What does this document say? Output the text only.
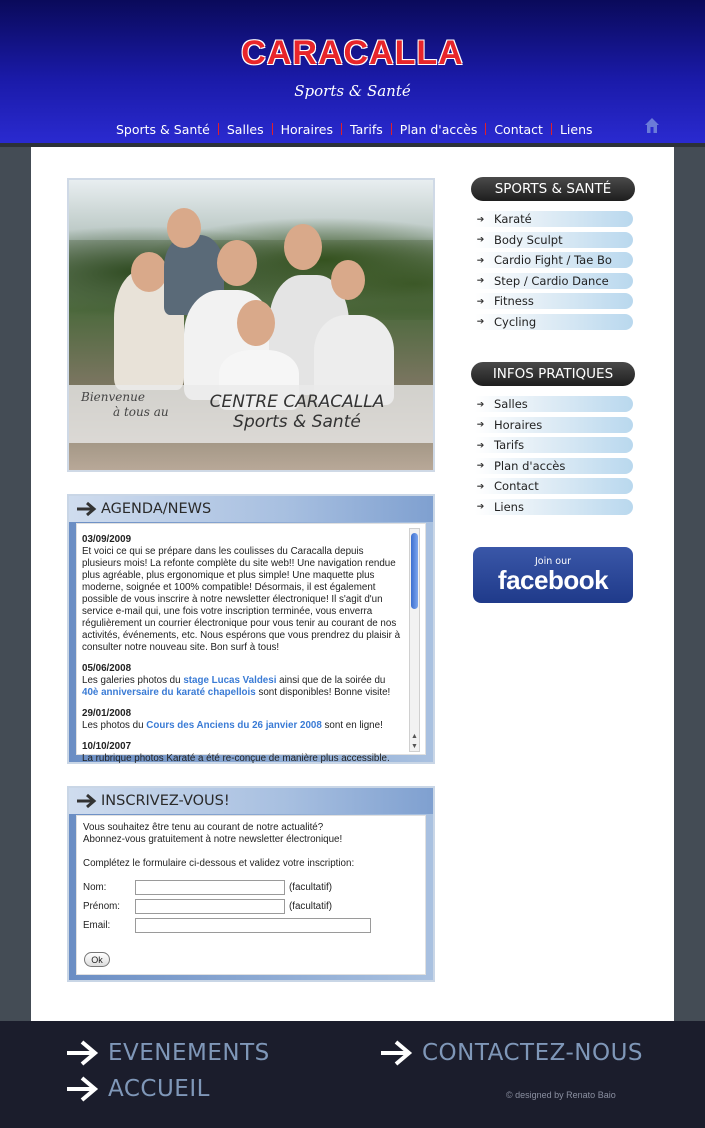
CARACALLA
Sports & Santé
Sports & Santé	Salles	Horaires	Tarifs	Plan d'accès	Contact	Liens
Bienvenue
à tous au	CENTRE CARACALLA
Sports & Santé
AGENDA/NEWS
03/09/2009
Et voici ce qui se prépare dans les coulisses du Caracalla depuis plusieurs mois! La refonte complète du site web!! Une navigation rendue plus agréable, plus ergonomique et plus simple! Une maquette plus moderne, soignée et 100% compatible! Désormais, il est également possible de vous inscrire à notre newsletter électronique! Il s'agit d'un service e-mail qui, une fois votre inscription terminée, vous enverra régulièrement un courrier électronique pour vous tenir au courant de nos activités, événements, etc. Nous espérons que vous prendrez du plaisir à consulter notre nouveau site. Bon surf à tous!
05/06/2008
Les galeries photos du stage Lucas Valdesi ainsi que de la soirée du 40è anniversaire du karaté chapellois sont disponibles! Bonne visite!
29/01/2008
Les photos du Cours des Anciens du 26 janvier 2008 sont en ligne!
10/10/2007
La rubrique photos Karaté a été re-conçue de manière plus accessible.
▲
▼
INSCRIVEZ-VOUS!
Vous souhaitez être tenu au courant de notre actualité?
Abonnez-vous gratuitement à notre newsletter électronique!
Complétez le formulaire ci-dessous et validez votre inscription:
Nom:	(facultatif)
Prénom:	(facultatif)
Email:
Ok
SPORTS & SANTÉ
➔ Karaté
➔ Body Sculpt
➔ Cardio Fight / Tae Bo
➔ Step / Cardio Dance
➔ Fitness
➔ Cycling
INFOS PRATIQUES
➔ Salles
➔ Horaires
➔ Tarifs
➔ Plan d'accès
➔ Contact
➔ Liens
Join our
facebook
EVENEMENTS
ACCUEIL
CONTACTEZ-NOUS
© designed by Renato Baio
